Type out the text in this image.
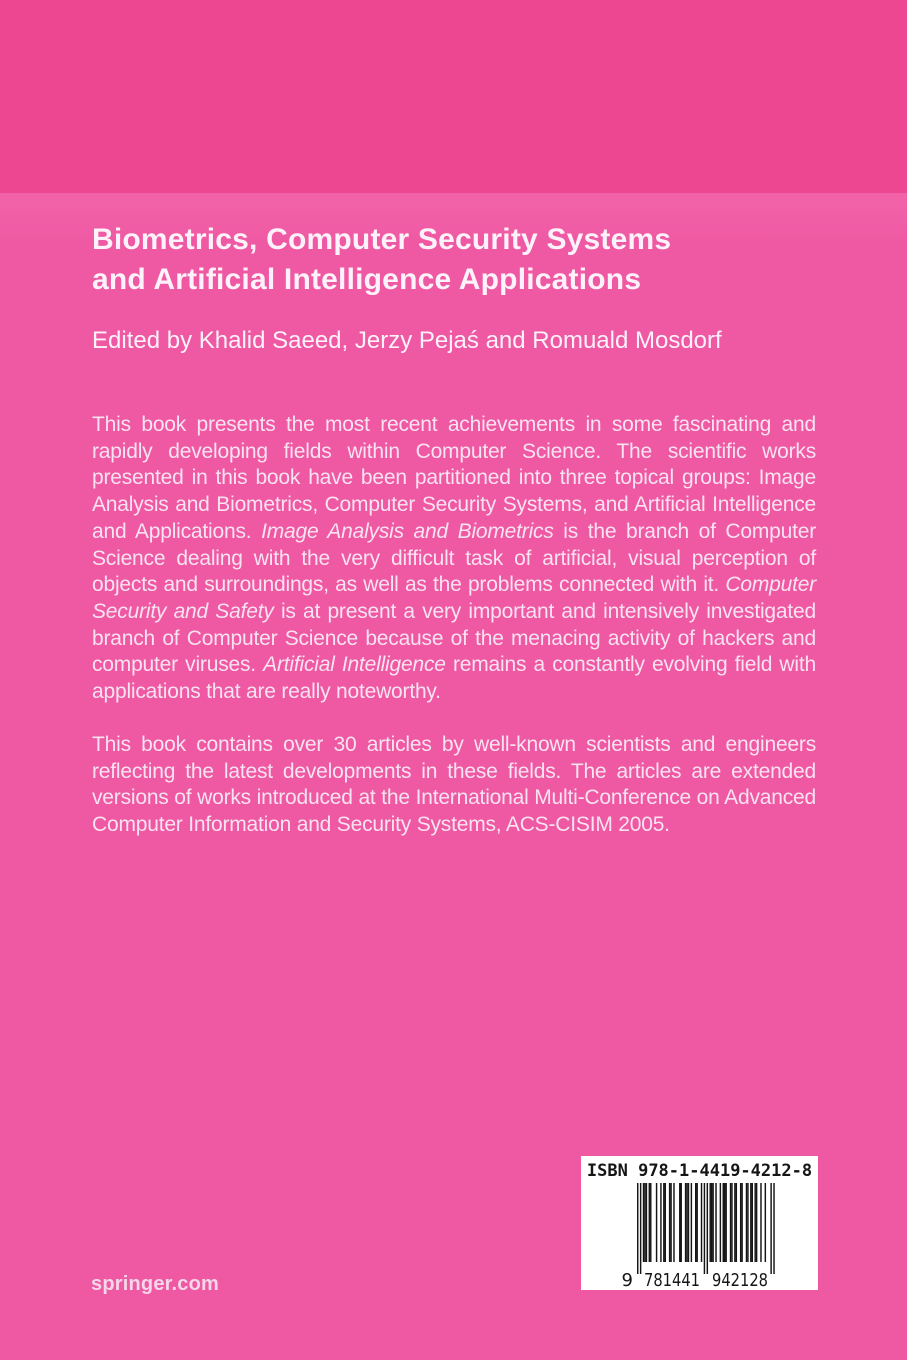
Biometrics, Computer Security Systems
and Artificial Intelligence Applications
Edited by Khalid Saeed, Jerzy Pejaś and Romuald Mosdorf
This book presents the most recent achievements in some fascinating and rapidly developing fields within Computer Science. The scientific works presented in this book have been partitioned into three topical groups: Image Analysis and Biometrics, Computer Security Systems, and Artificial Intelligence and Applications. Image Analysis and Biometrics is the branch of Computer Science dealing with the very difficult task of artificial, visual perception of objects and surroundings, as well as the problems connected with it. Computer Security and Safety is at present a very important and intensively investigated branch of Computer Science because of the menacing activity of hackers and computer viruses. Artificial Intelligence remains a constantly evolving field with applications that are really noteworthy.
This book contains over 30 articles by well-known scientists and engineers reflecting the latest developments in these fields. The articles are extended versions of works introduced at the International Multi-Conference on Advanced Computer Information and Security Systems, ACS-CISIM 2005.
ISBN 978-1-4419-4212-8
9 781441 942128
springer.com
